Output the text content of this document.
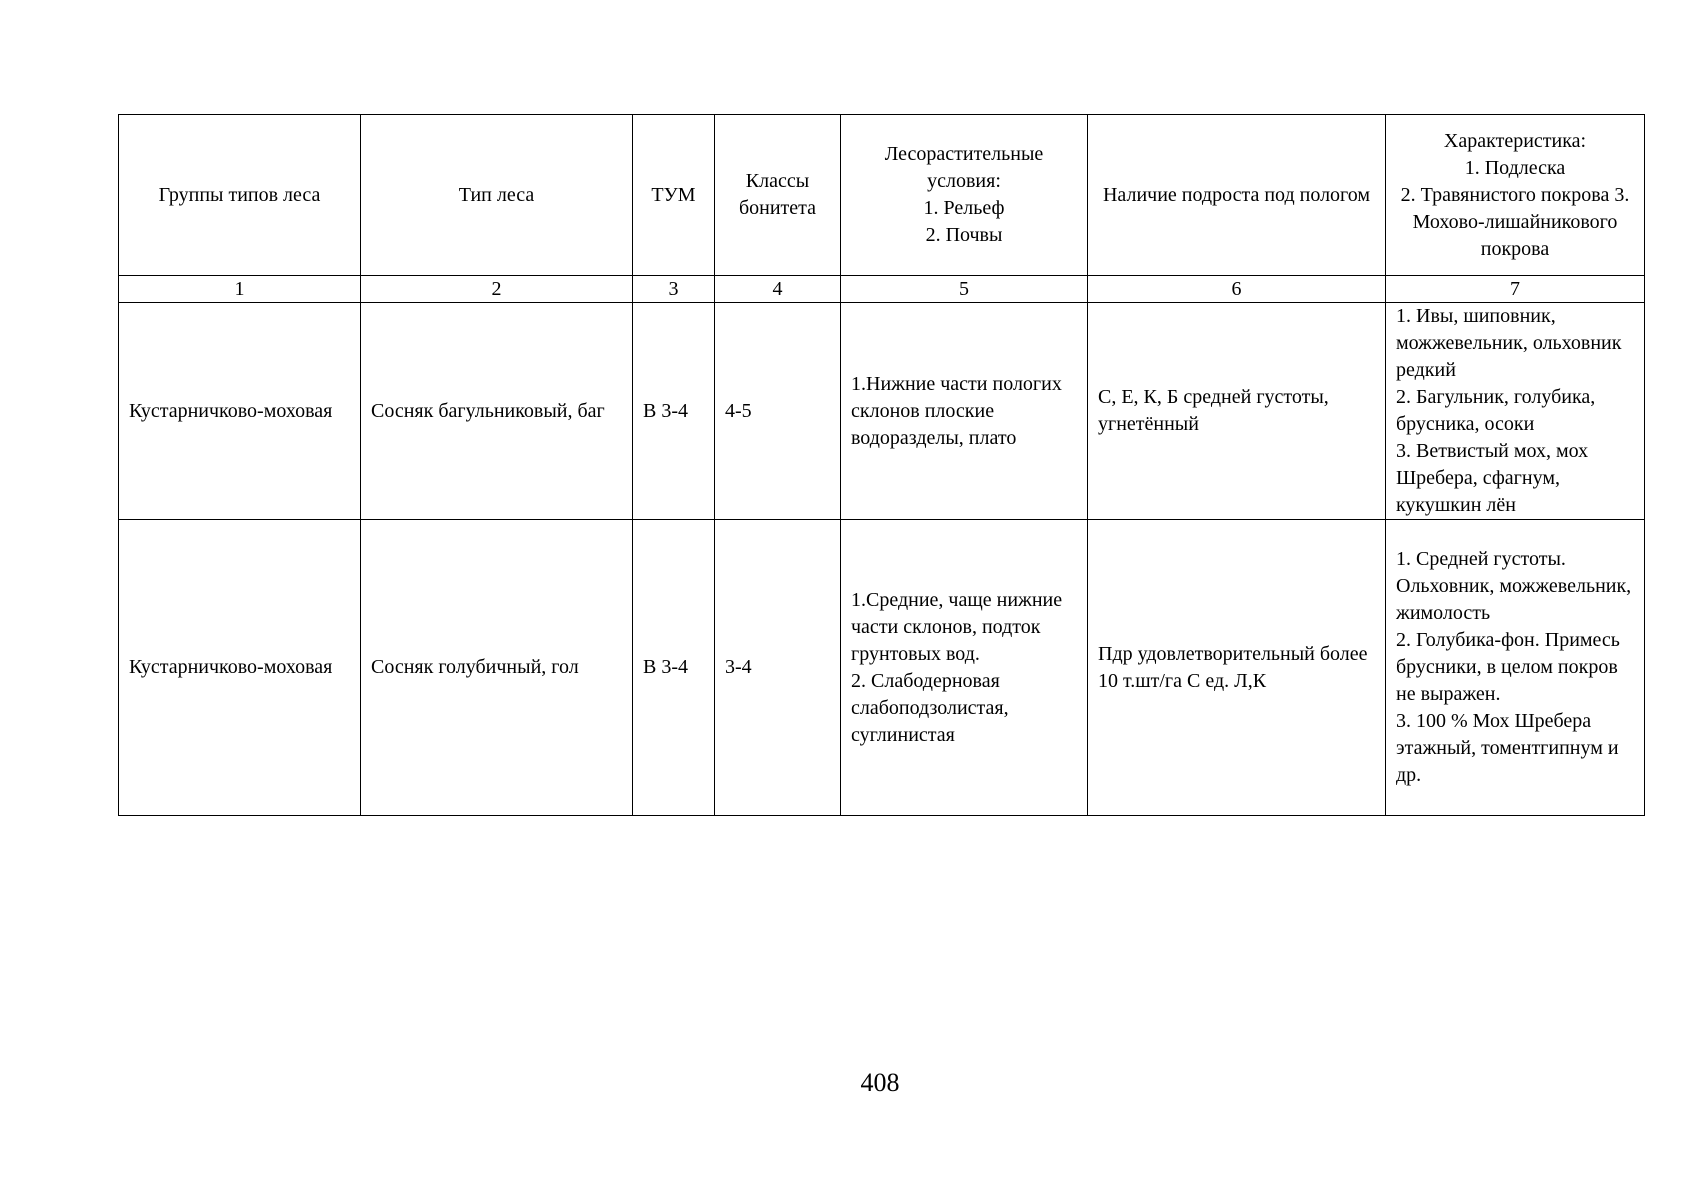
Группы типов леса	Тип леса	ТУМ	Классы бонитета	Лесорастительные условия:
1. Рельеф
2. Почвы	Наличие подроста под пологом	Характеристика:
1. Подлеска
2. Травянистого покрова 3. Мохово-лишайникового покрова
1	2	3	4	5	6	7
Кустарничково-моховая	Сосняк багульниковый, баг	В 3-4	4-5	1.Нижние части пологих склонов плоские водоразделы, плато	С, Е, К, Б средней густоты, угнетённый	1. Ивы, шиповник, можжевельник, ольховник редкий
2. Багульник, голубика, брусника, осоки
3. Ветвистый мох, мох Шребера, сфагнум, кукушкин лён
Кустарничково-моховая	Сосняк голубичный, гол	В 3-4	3-4	1.Средние, чаще нижние части склонов, подток грунтовых вод.
2. Слабодерновая слабоподзолистая, суглинистая	Пдр удовлетворительный более 10 т.шт/га С ед. Л,К	1. Средней густоты. Ольховник, можжевельник, жимолость
2. Голубика-фон. Примесь брусники, в целом покров не выражен.
3. 100 % Мох Шребера этажный, томентгипнум и др.
408
